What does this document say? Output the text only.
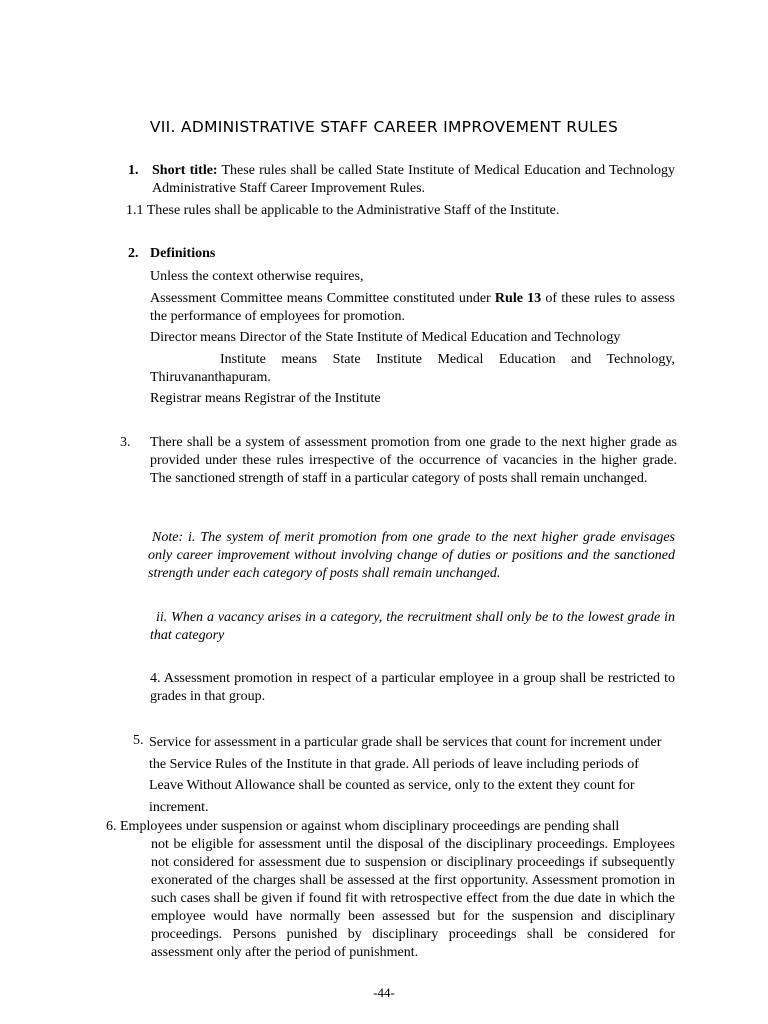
VII. ADMINISTRATIVE STAFF CAREER IMPROVEMENT RULES
1. Short title: These rules shall be called State Institute of Medical Education and Technology Administrative Staff Career Improvement Rules.
1.1 These rules shall be applicable to the Administrative Staff of the Institute.
2. Definitions
Unless the context otherwise requires,
Assessment Committee means Committee constituted under Rule 13 of these rules to assess the performance of employees for promotion.
Director means Director of the State Institute of Medical Education and Technology
Institute means State Institute Medical Education and Technology, Thiruvananthapuram.
Registrar means Registrar of the Institute
3.	There shall be a system of assessment promotion from one grade to the next higher grade as provided under these rules irrespective of the occurrence of vacancies in the higher grade. The sanctioned strength of staff in a particular category of posts shall remain unchanged.
Note: i. The system of merit promotion from one grade to the next higher grade envisages only career improvement without involving change of duties or positions and the sanctioned strength under each category of posts shall remain unchanged.
ii. When a vacancy arises in a category, the recruitment shall only be to the lowest grade in that category
4. Assessment promotion in respect of a particular employee in a group shall be restricted to grades in that group.
5. Service for assessment in a particular grade shall be services that count for increment under the Service Rules of the Institute in that grade. All periods of leave including periods of Leave Without Allowance shall be counted as service, only to the extent they count for increment.
6. Employees under suspension or against whom disciplinary proceedings are pending shall
not be eligible for assessment until the disposal of the disciplinary proceedings. Employees not considered for assessment due to suspension or disciplinary proceedings if subsequently exonerated of the charges shall be assessed at the first opportunity. Assessment promotion in such cases shall be given if found fit with retrospective effect from the due date in which the employee would have normally been assessed but for the suspension and disciplinary proceedings. Persons punished by disciplinary proceedings shall be considered for assessment only after the period of punishment.
-44-
